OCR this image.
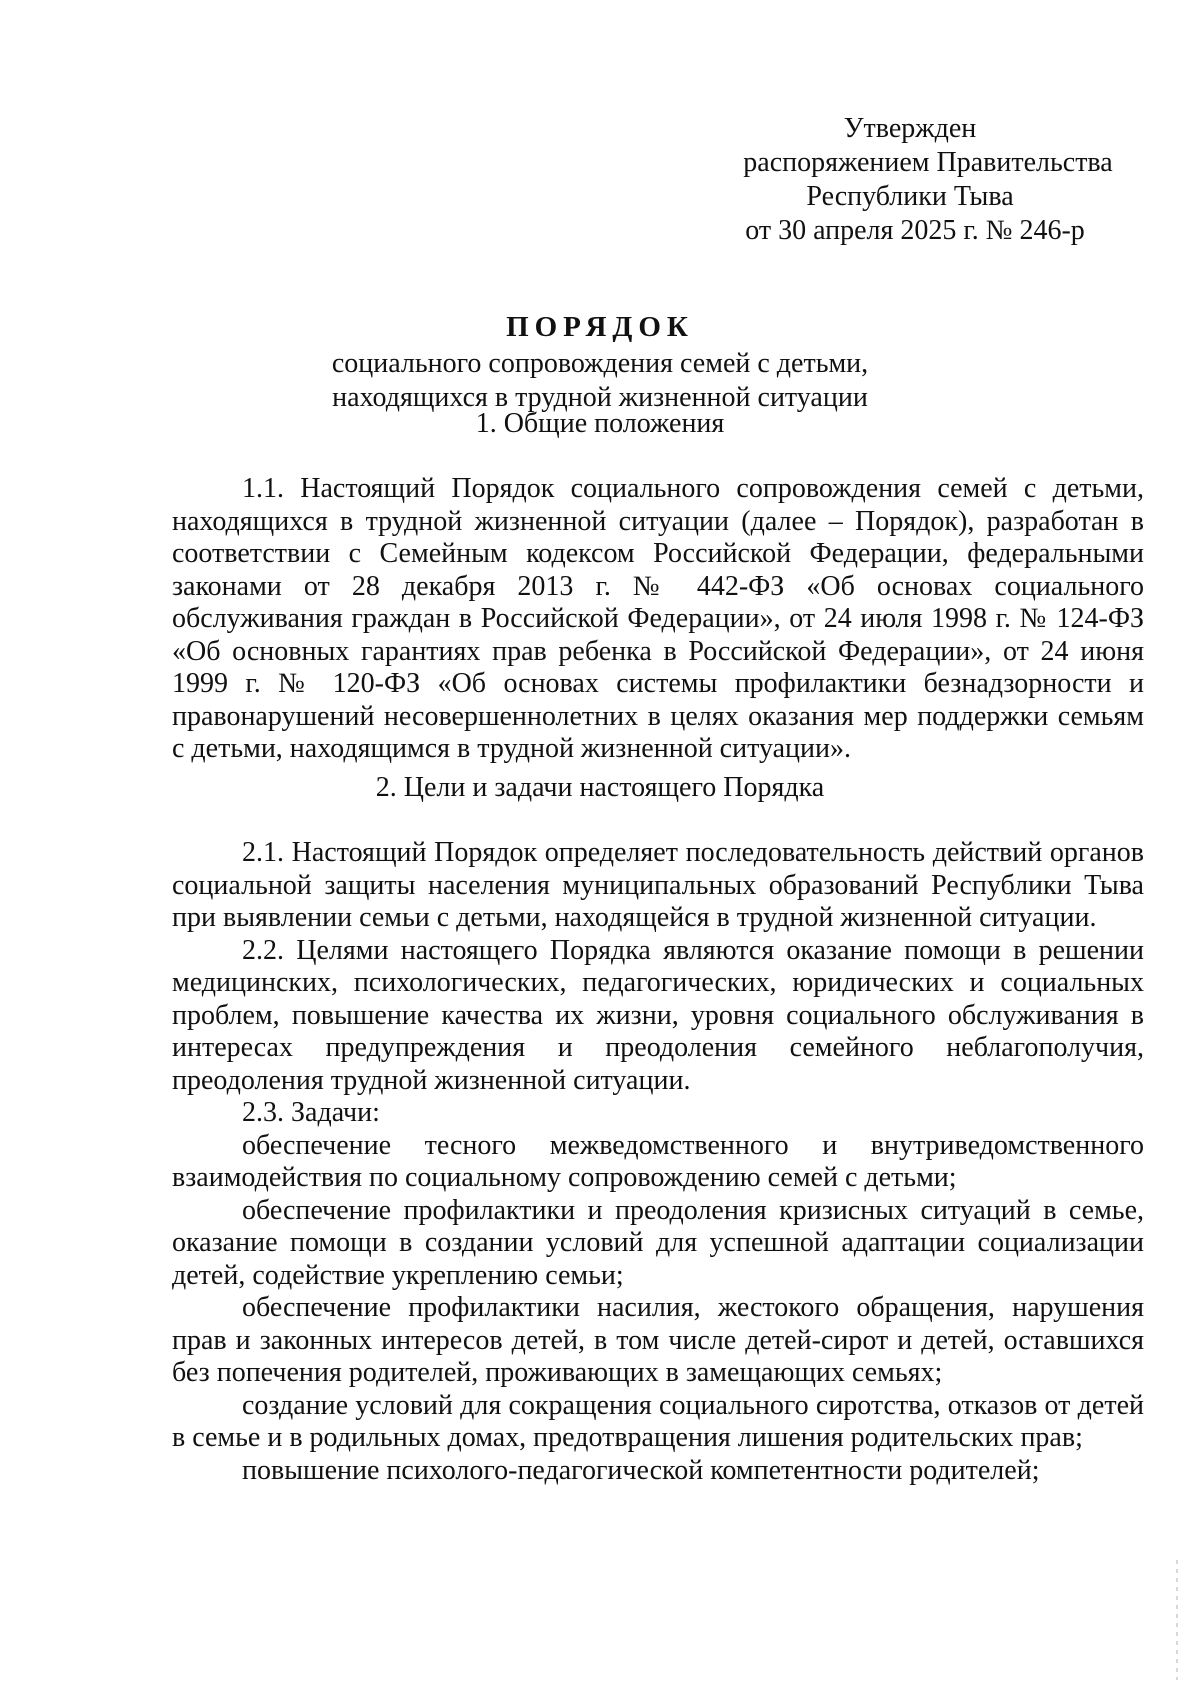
Утвержден
распоряжением Правительства
Республики Тыва
от 30 апреля 2025 г. № 246-р
ПОРЯДОК
социального сопровождения семей с детьми,
находящихся в трудной жизненной ситуации
1. Общие положения

1.1. Настоящий Порядок социального сопровождения семей с детьми, находящихся в трудной жизненной ситуации (далее – Порядок), разработан в соответствии с Семейным кодексом Российской Федерации, федеральными законами от 28 декабря 2013 г. № 442-ФЗ «Об основах социального обслуживания граждан в Российской Федерации», от 24 июля 1998 г. № 124-ФЗ «Об основных гарантиях прав ребенка в Российской Федерации», от 24 июня 1999 г. № 120-ФЗ «Об основах системы профилактики безнадзорности и правонарушений несовершеннолетних в целях оказания мер поддержки семьям с детьми, находящимся в трудной жизненной ситуации».

2. Цели и задачи настоящего Порядка

2.1. Настоящий Порядок определяет последовательность действий органов социальной защиты населения муниципальных образований Республики Тыва при выявлении семьи с детьми, находящейся в трудной жизненной ситуации.

2.2. Целями настоящего Порядка являются оказание помощи в решении медицинских, психологических, педагогических, юридических и социальных проблем, повышение качества их жизни, уровня социального обслуживания в интересах предупреждения и преодоления семейного неблагополучия, преодоления трудной жизненной ситуации.

2.3. Задачи:

обеспечение тесного межведомственного и внутриведомственного взаимодействия по социальному сопровождению семей с детьми;

обеспечение профилактики и преодоления кризисных ситуаций в семье, оказание помощи в создании условий для успешной адаптации социализации детей, содействие укреплению семьи;

обеспечение профилактики насилия, жестокого обращения, нарушения прав и законных интересов детей, в том числе детей-сирот и детей, оставшихся без попечения родителей, проживающих в замещающих семьях;

создание условий для сокращения социального сиротства, отказов от детей в семье и в родильных домах, предотвращения лишения родительских прав;

повышение психолого-педагогической компетентности родителей;
